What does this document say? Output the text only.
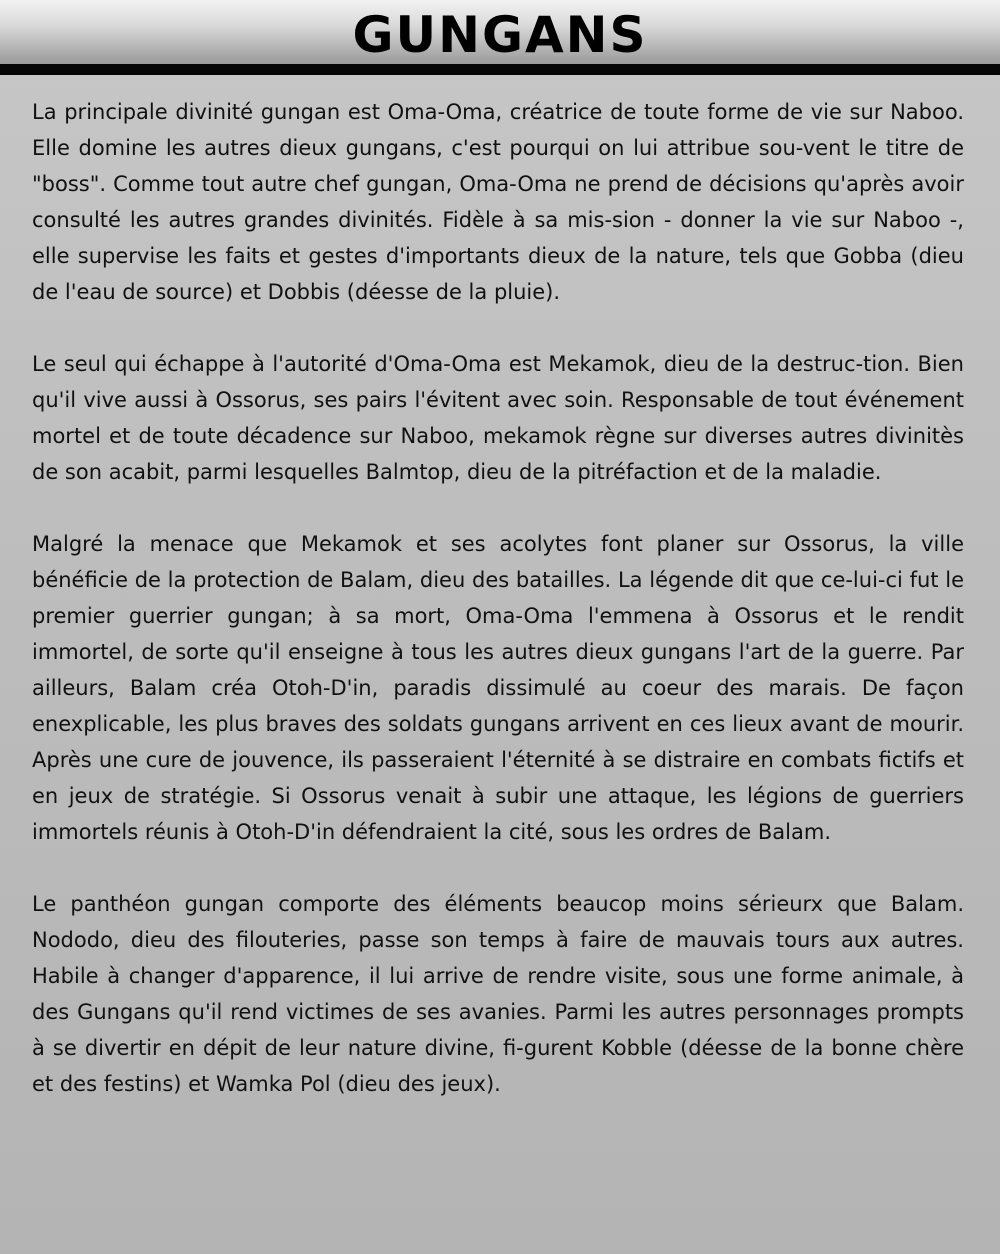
GUNGANS

La principale divinité gungan est Oma-Oma, créatrice de toute forme de vie sur Naboo. Elle domine les autres dieux gungans, c'est pourqui on lui attribue sou-vent le titre de "boss". Comme tout autre chef gungan, Oma-Oma ne prend de décisions qu'après avoir consulté les autres grandes divinités. Fidèle à sa mis-sion - donner la vie sur Naboo -, elle supervise les faits et gestes d'importants dieux de la nature, tels que Gobba (dieu de l'eau de source) et Dobbis (déesse de la pluie).

Le seul qui échappe à l'autorité d'Oma-Oma est Mekamok, dieu de la destruc-tion. Bien qu'il vive aussi à Ossorus, ses pairs l'évitent avec soin. Responsable de tout événement mortel et de toute décadence sur Naboo, mekamok règne sur diverses autres divinitès de son acabit, parmi lesquelles Balmtop, dieu de la pitréfaction et de la maladie.

Malgré la menace que Mekamok et ses acolytes font planer sur Ossorus, la ville bénéficie de la protection de Balam, dieu des batailles. La légende dit que ce-lui-ci fut le premier guerrier gungan; à sa mort, Oma-Oma l'emmena à Ossorus et le rendit immortel, de sorte qu'il enseigne à tous les autres dieux gungans l'art de la guerre. Par ailleurs, Balam créa Otoh-D'in, paradis dissimulé au coeur des marais. De façon enexplicable, les plus braves des soldats gungans arrivent en ces lieux avant de mourir. Après une cure de jouvence, ils passeraient l'éternité à se distraire en combats fictifs et en jeux de stratégie. Si Ossorus venait à subir une attaque, les légions de guerriers immortels réunis à Otoh-D'in défendraient la cité, sous les ordres de Balam.

Le panthéon gungan comporte des éléments beaucop moins sérieurx que Balam. Nododo, dieu des filouteries, passe son temps à faire de mauvais tours aux autres. Habile à changer d'apparence, il lui arrive de rendre visite, sous une forme animale, à des Gungans qu'il rend victimes de ses avanies. Parmi les autres personnages prompts à se divertir en dépit de leur nature divine, fi-gurent Kobble (déesse de la bonne chère et des festins) et Wamka Pol (dieu des jeux).
